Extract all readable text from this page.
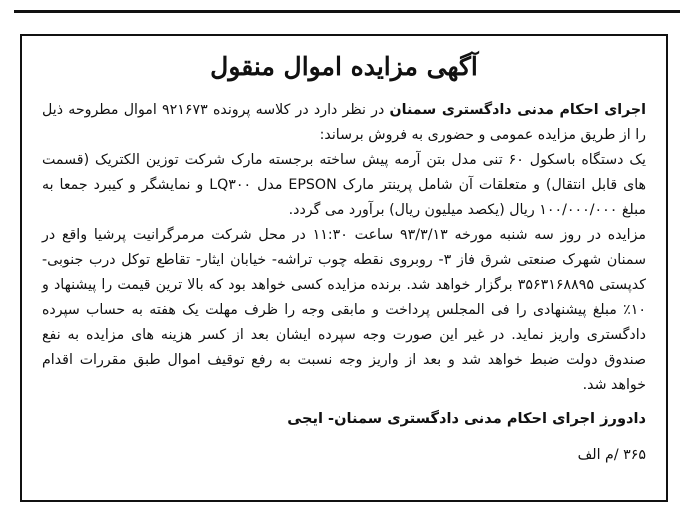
آگهی مزایده اموال منقول

اجرای احکام مدنی دادگستری سمنان در نظر دارد در کلاسه پرونده ۹۲۱۶۷۳ اموال مطروحه ذیل را از طریق مزایده عمومی و حضوری به فروش برساند:

یک دستگاه باسکول ۶۰ تنی مدل بتن آرمه پیش ساخته برجسته مارک شرکت توزین الکتریک (قسمت های قابل انتقال) و متعلقات آن شامل پرینتر مارک EPSON مدل LQ۳۰۰ و نمایشگر و کیبرد جمعا به مبلغ ۱۰۰/۰۰۰/۰۰۰ ریال (یکصد میلیون ریال) برآورد می گردد.

مزایده در روز سه شنبه مورخه ۹۳/۳/۱۳ ساعت ۱۱:۳۰ در محل شرکت مرمرگرانیت پرشیا واقع در سمنان شهرک صنعتی شرق فاز ۳- روبروی نقطه چوب تراشه- خیابان ایثار- تقاطع توکل درب جنوبی- کدپستی ۳۵۶۳۱۶۸۸۹۵ برگزار خواهد شد. برنده مزایده کسی خواهد بود که بالا ترین قیمت را پیشنهاد و ۱۰٪ مبلغ پیشنهادی را فی المجلس پرداخت و مابقی وجه را ظرف مهلت یک هفته به حساب سپرده دادگستری واریز نماید. در غیر این صورت وجه سپرده ایشان بعد از کسر هزینه های مزایده به نفع صندوق دولت ضبط خواهد شد و بعد از واریز وجه نسبت به رفع توقیف اموال طبق مقررات اقدام خواهد شد.

دادورز اجرای احکام مدنی دادگستری سمنان- ایجی
۳۶۵ /م الف
